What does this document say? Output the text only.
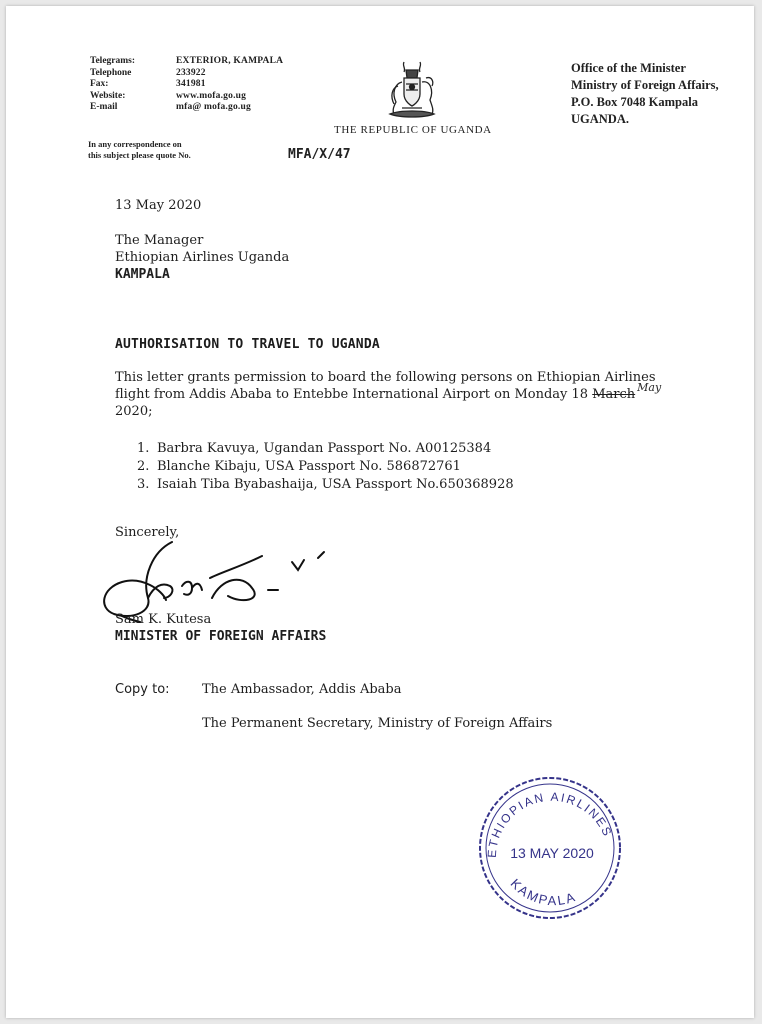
Telegrams:	EXTERIOR, KAMPALA
Telephone	233922
Fax:	341981
Website:	www.mofa.go.ug
E-mail	mfa@ mofa.go.ug
THE REPUBLIC OF UGANDA
Office of the Minister
Ministry of Foreign Affairs,
P.O. Box 7048 Kampala
UGANDA.
In any correspondence on
this subject please quote No.	MFA/X/47
13 May 2020
The Manager
Ethiopian Airlines Uganda
KAMPALA
AUTHORISATION TO TRAVEL TO UGANDA
This letter grants permission to board the following persons on Ethiopian Airlines
flight from Addis Ababa to Entebbe International Airport on Monday 18 March $^{May}$
2020;
1. Barbra Kavuya, Ugandan Passport No. A00125384
2. Blanche Kibaju, USA Passport No. 586872761
3. Isaiah Tiba Byabashaija, USA Passport No.650368928
Sincerely,
Sam K. Kutesa
MINISTER OF FOREIGN AFFAIRS
Copy to: The Ambassador, Addis Ababa
The Permanent Secretary, Ministry of Foreign Affairs
ETHIOPIAN AIRLINES
13 MAY 2020
KAMPALA
